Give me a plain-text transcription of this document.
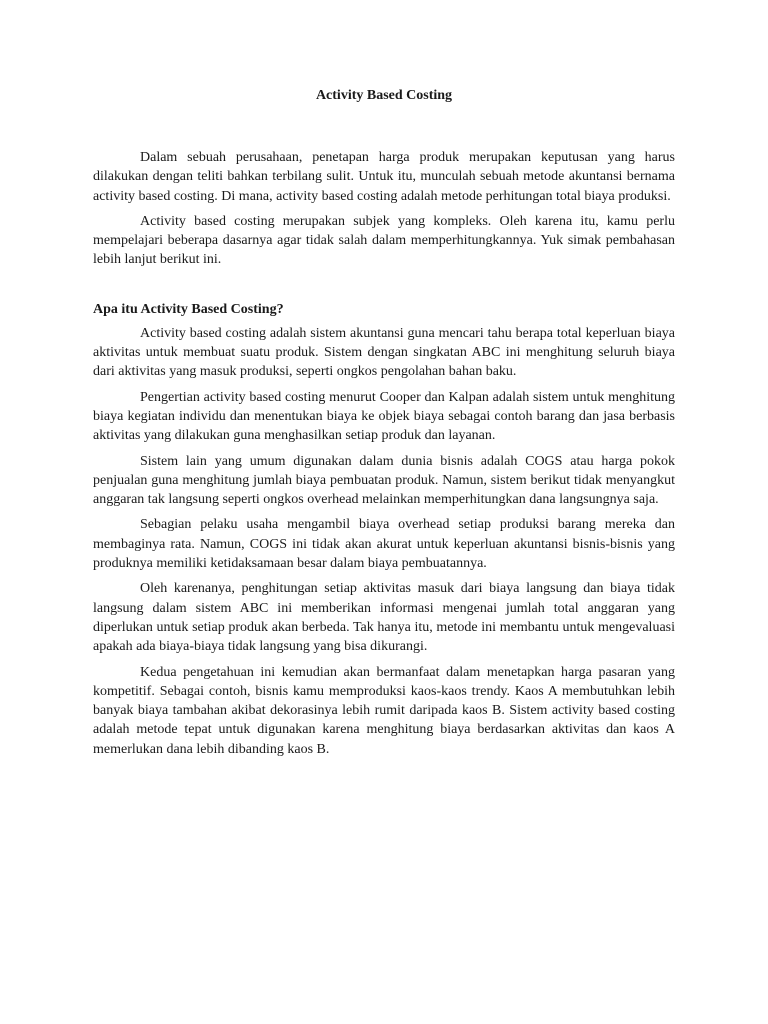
Activity Based Costing

Dalam sebuah perusahaan, penetapan harga produk merupakan keputusan yang harus dilakukan dengan teliti bahkan terbilang sulit. Untuk itu, munculah sebuah metode akuntansi bernama activity based costing. Di mana, activity based costing adalah metode perhitungan total biaya produksi.

Activity based costing merupakan subjek yang kompleks. Oleh karena itu, kamu perlu mempelajari beberapa dasarnya agar tidak salah dalam memperhitungkannya. Yuk simak pembahasan lebih lanjut berikut ini.

Apa itu Activity Based Costing?

Activity based costing adalah sistem akuntansi guna mencari tahu berapa total keperluan biaya aktivitas untuk membuat suatu produk. Sistem dengan singkatan ABC ini menghitung seluruh biaya dari aktivitas yang masuk produksi, seperti ongkos pengolahan bahan baku.

Pengertian activity based costing menurut Cooper dan Kalpan adalah sistem untuk menghitung biaya kegiatan individu dan menentukan biaya ke objek biaya sebagai contoh barang dan jasa berbasis aktivitas yang dilakukan guna menghasilkan setiap produk dan layanan.

Sistem lain yang umum digunakan dalam dunia bisnis adalah COGS atau harga pokok penjualan guna menghitung jumlah biaya pembuatan produk. Namun, sistem berikut tidak menyangkut anggaran tak langsung seperti ongkos overhead melainkan memperhitungkan dana langsungnya saja.

Sebagian pelaku usaha mengambil biaya overhead setiap produksi barang mereka dan membaginya rata. Namun, COGS ini tidak akan akurat untuk keperluan akuntansi bisnis-bisnis yang produknya memiliki ketidaksamaan besar dalam biaya pembuatannya.

Oleh karenanya, penghitungan setiap aktivitas masuk dari biaya langsung dan biaya tidak langsung dalam sistem ABC ini memberikan informasi mengenai jumlah total anggaran yang diperlukan untuk setiap produk akan berbeda. Tak hanya itu, metode ini membantu untuk mengevaluasi apakah ada biaya-biaya tidak langsung yang bisa dikurangi.

Kedua pengetahuan ini kemudian akan bermanfaat dalam menetapkan harga pasaran yang kompetitif. Sebagai contoh, bisnis kamu memproduksi kaos-kaos trendy. Kaos A membutuhkan lebih banyak biaya tambahan akibat dekorasinya lebih rumit daripada kaos B. Sistem activity based costing adalah metode tepat untuk digunakan karena menghitung biaya berdasarkan aktivitas dan kaos A memerlukan dana lebih dibanding kaos B.
